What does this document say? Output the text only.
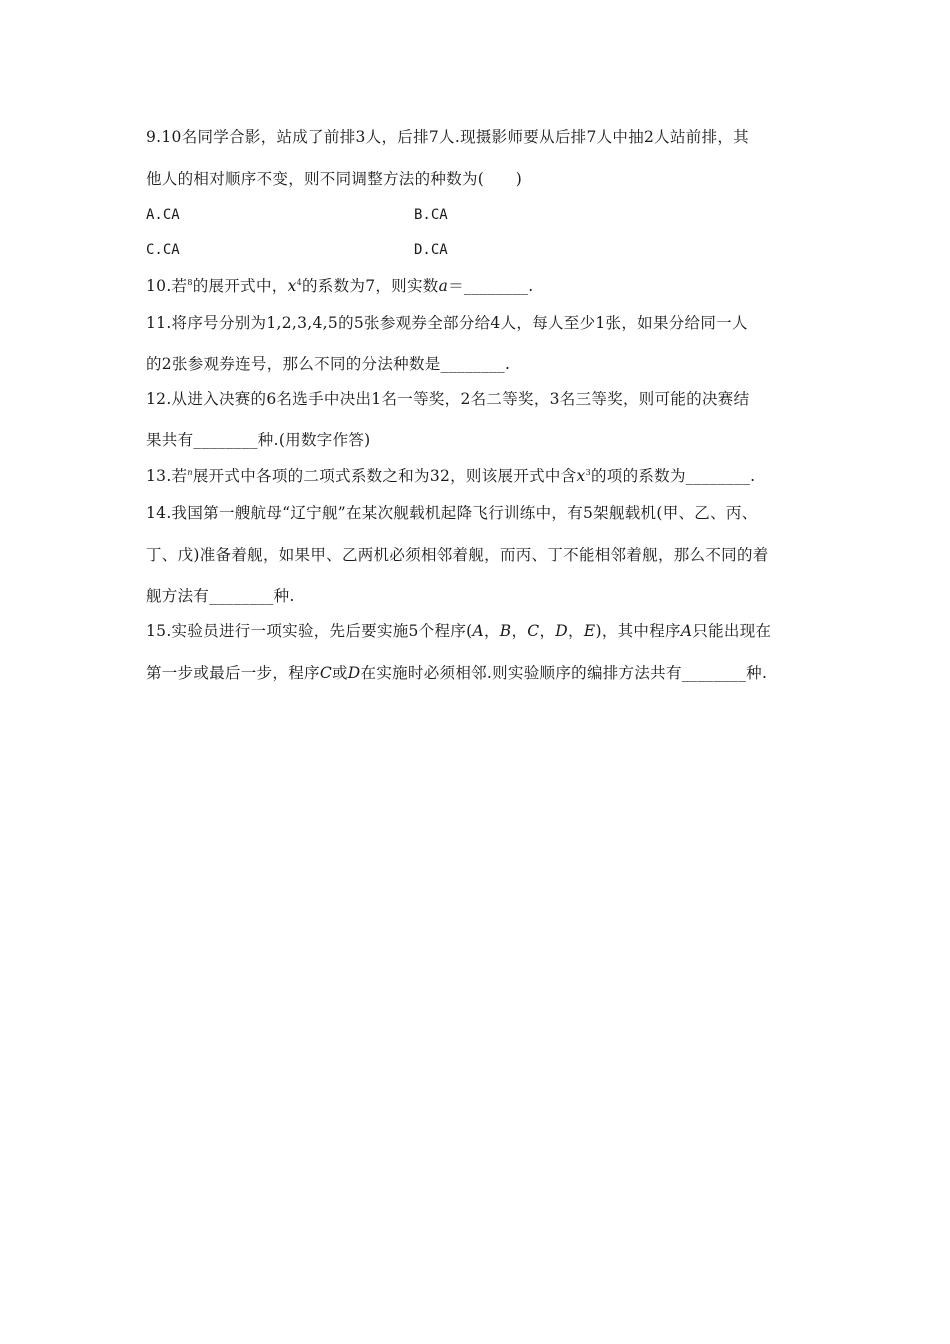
9.10名同学合影，站成了前排3人，后排7人.现摄影师要从后排7人中抽2人站前排，其
他人的相对顺序不变，则不同调整方法的种数为(　　)
A.CA	B.CA
C.CA	D.CA
10.若$^8$的展开式中，$x^4$的系数为7，则实数a＝________.
11.将序号分别为1,2,3,4,5的5张参观券全部分给4人，每人至少1张，如果分给同一人
的2张参观券连号，那么不同的分法种数是________.
12.从进入决赛的6名选手中决出1名一等奖，2名二等奖，3名三等奖，则可能的决赛结
果共有________种.(用数字作答)
13.若$^n$展开式中各项的二项式系数之和为32，则该展开式中含$x^3$的项的系数为________.
14.我国第一艘航母“辽宁舰”在某次舰载机起降飞行训练中，有5架舰载机(甲、乙、丙、
丁、戊)准备着舰，如果甲、乙两机必须相邻着舰，而丙、丁不能相邻着舰，那么不同的着
舰方法有________种.
15.实验员进行一项实验，先后要实施5个程序(A，B，C，D，E)，其中程序A只能出现在
第一步或最后一步，程序C或D在实施时必须相邻.则实验顺序的编排方法共有________种.
